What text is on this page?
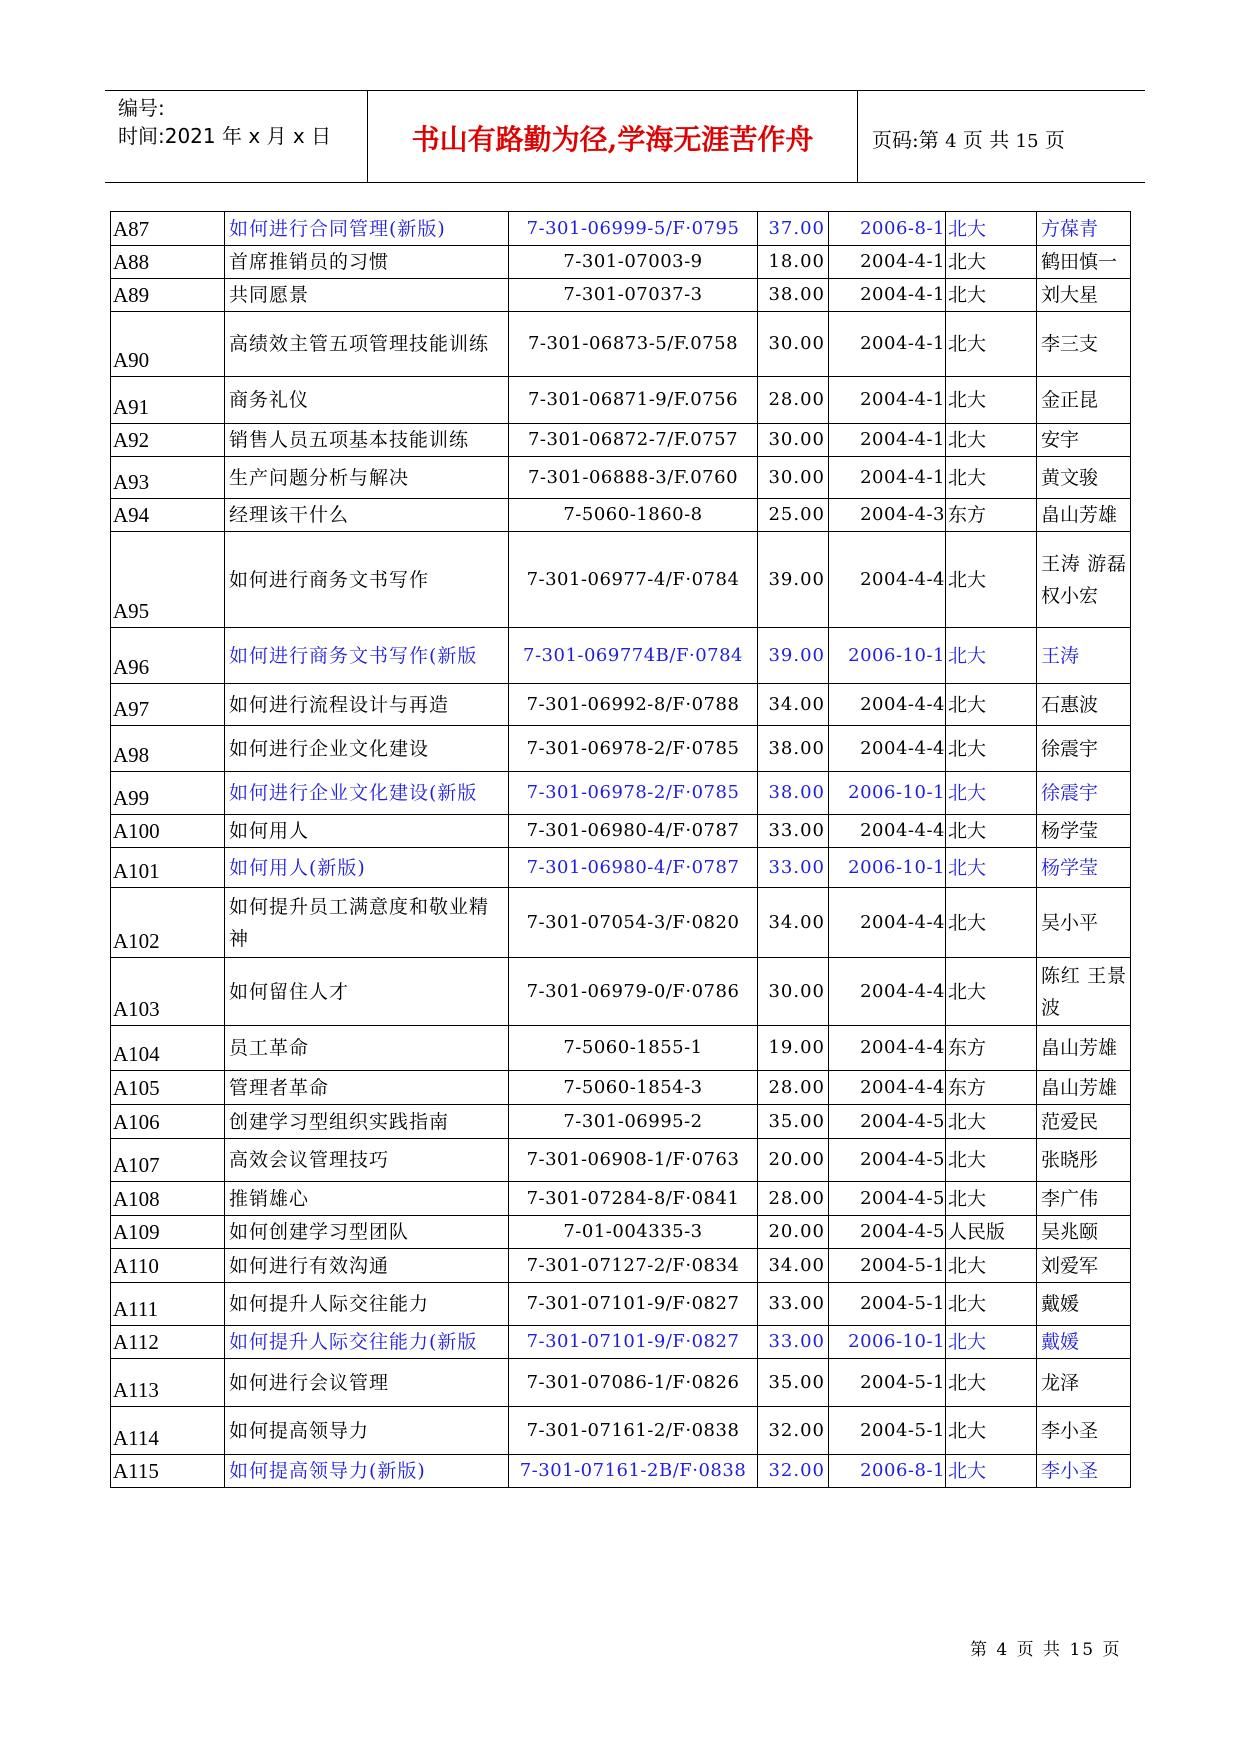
编号:
时间:2021 年 x 月 x 日	书山有路勤为径,学海无涯苦作舟	页码:第 4 页 共 15 页
A87	如何进行合同管理(新版)	7-301-06999-5/F·0795	37.00	2006-8-1	北大	方葆青
A88	首席推销员的习惯	7-301-07003-9	18.00	2004-4-1	北大	鹤田慎一
A89	共同愿景	7-301-07037-3	38.00	2004-4-1	北大	刘大星
A90	高绩效主管五项管理技能训练	7-301-06873-5/F.0758	30.00	2004-4-1	北大	李三支
A91	商务礼仪	7-301-06871-9/F.0756	28.00	2004-4-1	北大	金正昆
A92	销售人员五项基本技能训练	7-301-06872-7/F.0757	30.00	2004-4-1	北大	安宇
A93	生产问题分析与解决	7-301-06888-3/F.0760	30.00	2004-4-1	北大	黄文骏
A94	经理该干什么	7-5060-1860-8	25.00	2004-4-3	东方	畠山芳雄
A95	如何进行商务文书写作	7-301-06977-4/F·0784	39.00	2004-4-4	北大	王涛 游磊 权小宏
A96	如何进行商务文书写作(新版	7-301-069774B/F·0784	39.00	2006-10-1	北大	王涛
A97	如何进行流程设计与再造	7-301-06992-8/F·0788	34.00	2004-4-4	北大	石惠波
A98	如何进行企业文化建设	7-301-06978-2/F·0785	38.00	2004-4-4	北大	徐震宇
A99	如何进行企业文化建设(新版	7-301-06978-2/F·0785	38.00	2006-10-1	北大	徐震宇
A100	如何用人	7-301-06980-4/F·0787	33.00	2004-4-4	北大	杨学莹
A101	如何用人(新版)	7-301-06980-4/F·0787	33.00	2006-10-1	北大	杨学莹
A102	如何提升员工满意度和敬业精神	7-301-07054-3/F·0820	34.00	2004-4-4	北大	吴小平
A103	如何留住人才	7-301-06979-0/F·0786	30.00	2004-4-4	北大	陈红 王景波
A104	员工革命	7-5060-1855-1	19.00	2004-4-4	东方	畠山芳雄
A105	管理者革命	7-5060-1854-3	28.00	2004-4-4	东方	畠山芳雄
A106	创建学习型组织实践指南	7-301-06995-2	35.00	2004-4-5	北大	范爱民
A107	高效会议管理技巧	7-301-06908-1/F·0763	20.00	2004-4-5	北大	张晓彤
A108	推销雄心	7-301-07284-8/F·0841	28.00	2004-4-5	北大	李广伟
A109	如何创建学习型团队	7-01-004335-3	20.00	2004-4-5	人民版	吴兆颐
A110	如何进行有效沟通	7-301-07127-2/F·0834	34.00	2004-5-1	北大	刘爱军
A111	如何提升人际交往能力	7-301-07101-9/F·0827	33.00	2004-5-1	北大	戴媛
A112	如何提升人际交往能力(新版	7-301-07101-9/F·0827	33.00	2006-10-1	北大	戴媛
A113	如何进行会议管理	7-301-07086-1/F·0826	35.00	2004-5-1	北大	龙泽
A114	如何提高领导力	7-301-07161-2/F·0838	32.00	2004-5-1	北大	李小圣
A115	如何提高领导力(新版)	7-301-07161-2B/F·0838	32.00	2006-8-1	北大	李小圣
第 4 页 共 15 页
